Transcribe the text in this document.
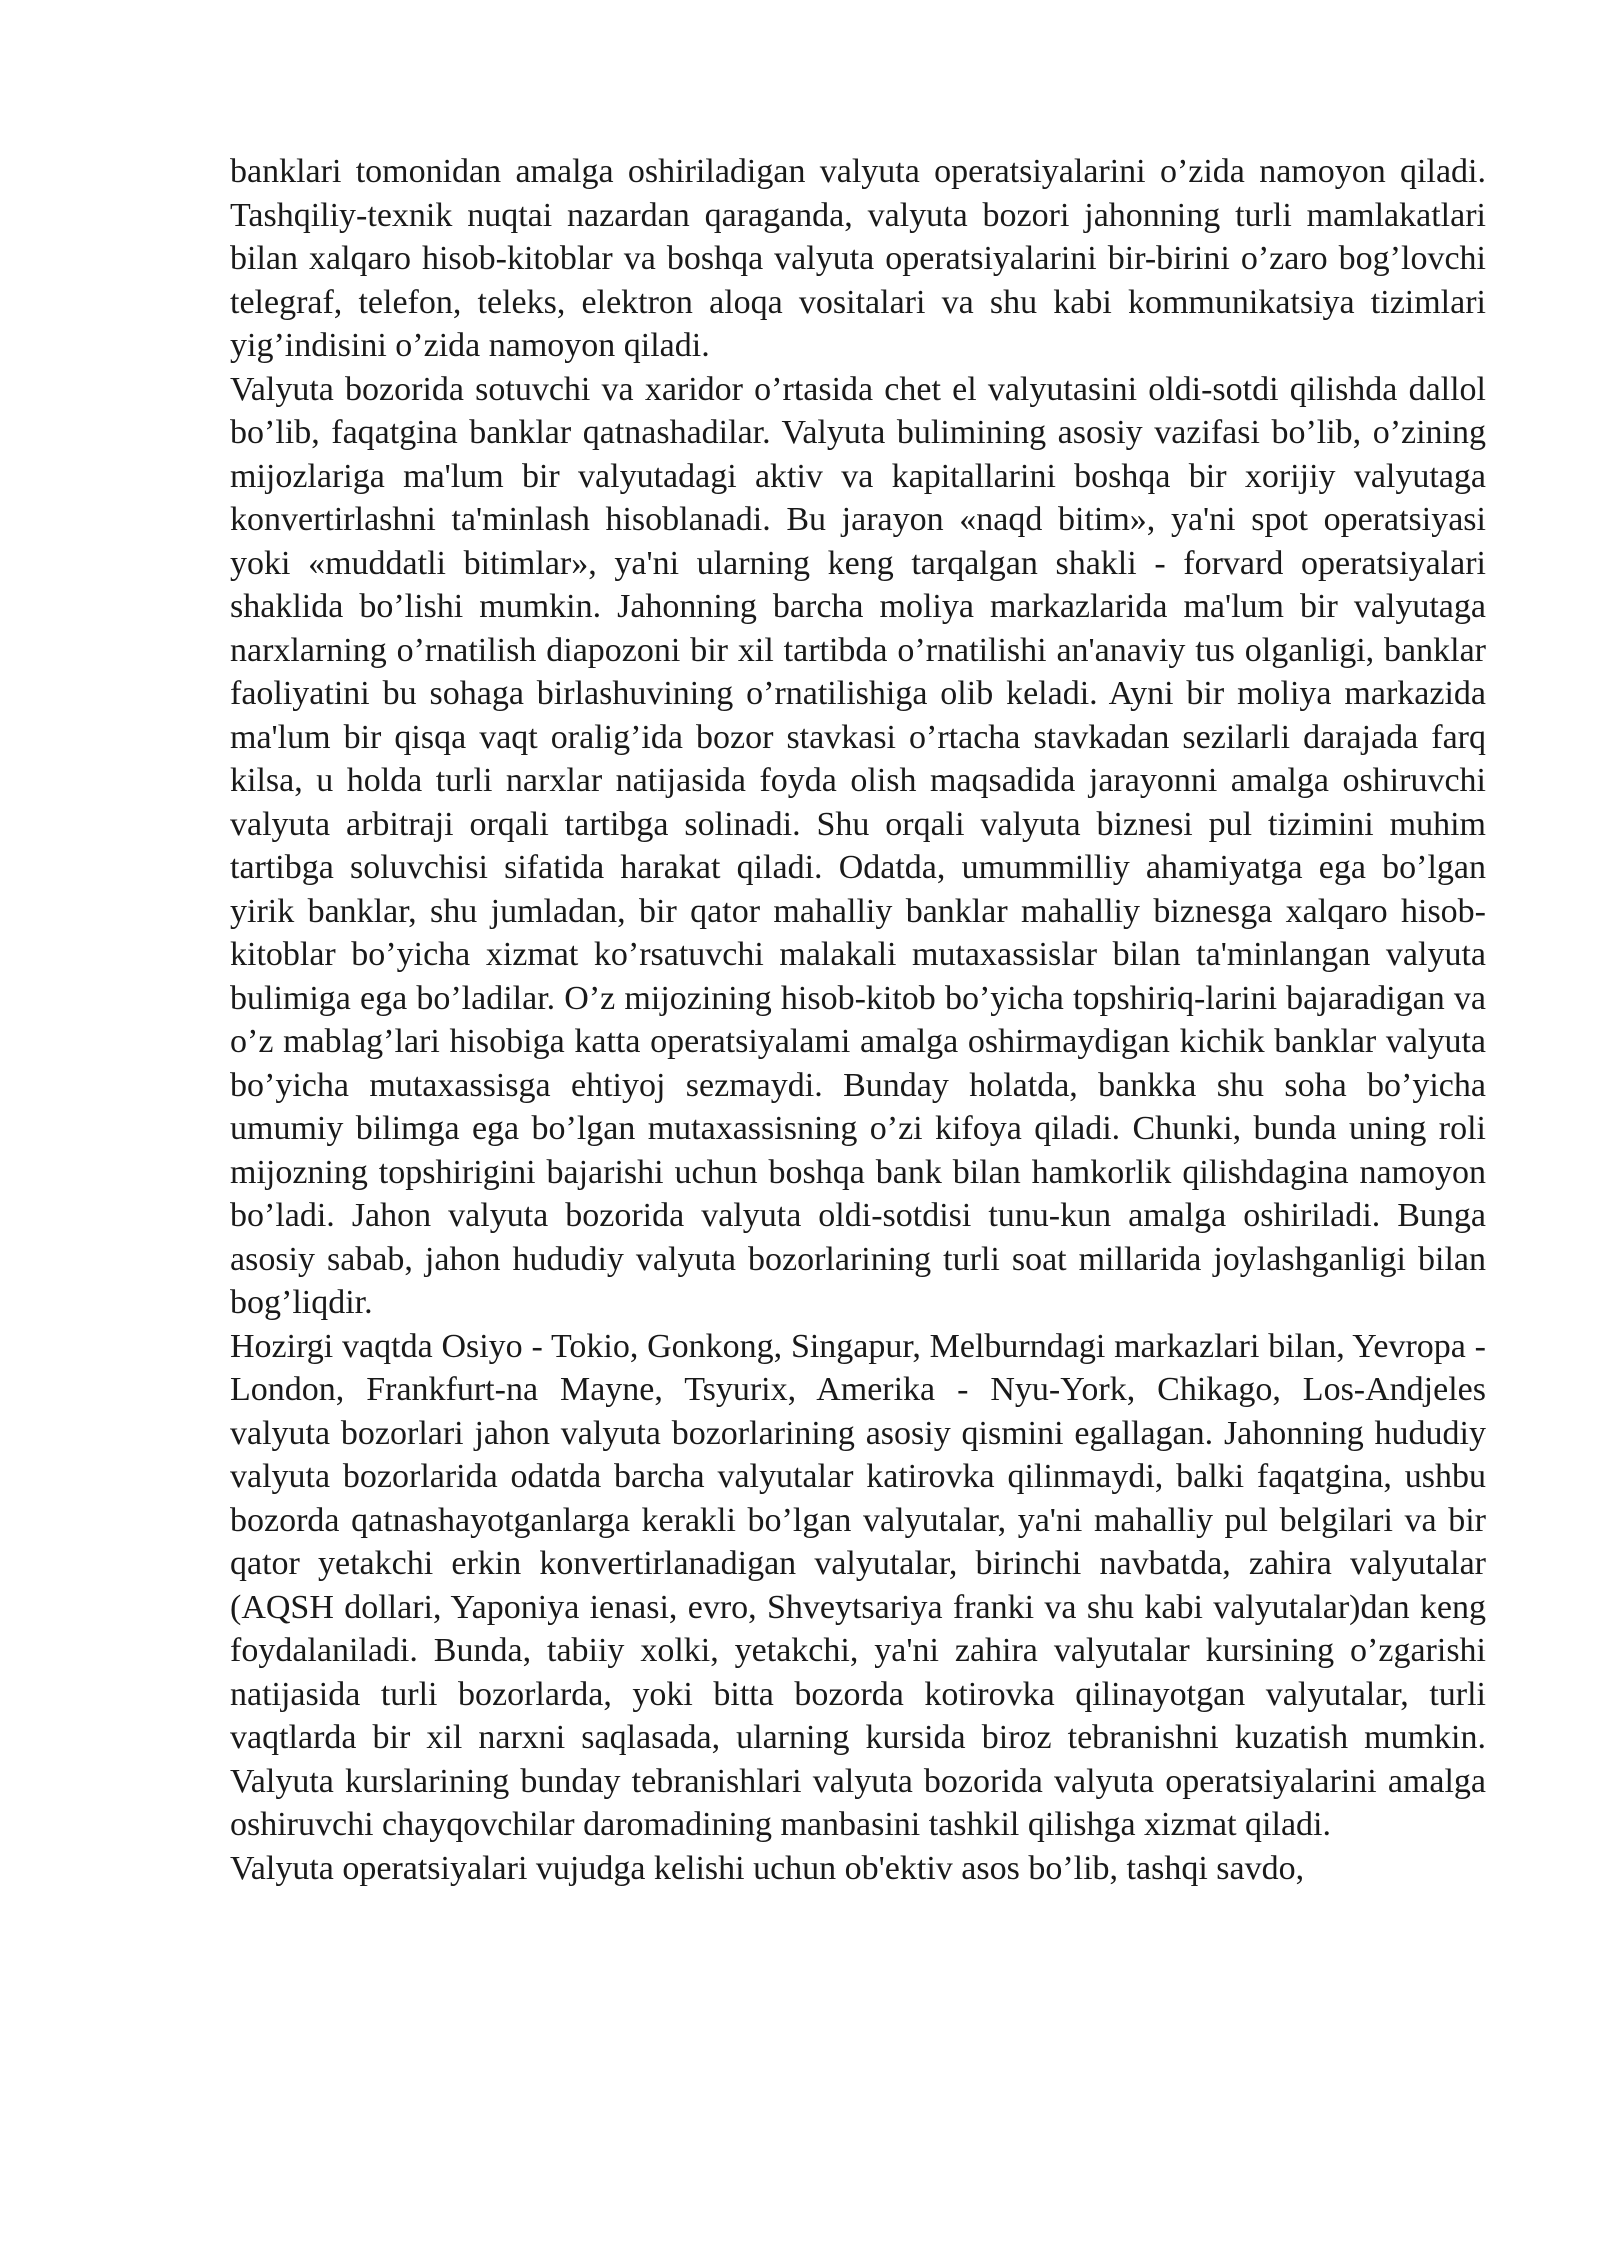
banklari tomonidan amalga oshiriladigan valyuta operatsiyalarini o’zida namoyon qiladi. Tashqiliy-texnik nuqtai nazardan qaraganda, valyuta bozori jahonning turli mamlakatlari bilan xalqaro hisob-kitoblar va boshqa valyuta operatsiyalarini bir-birini o’zaro bog’lovchi telegraf, telefon, teleks, elektron aloqa vositalari va shu kabi kommunikatsiya tizimlari yig’indisini o’zida namoyon qiladi.

Valyuta bozorida sotuvchi va xaridor o’rtasida chet el valyutasini oldi-sotdi qilishda dallol bo’lib, faqatgina banklar qatnashadilar. Valyuta bulimining asosiy vazifasi bo’lib, o’zining mijozlariga ma'lum bir valyutadagi aktiv va kapitallarini boshqa bir xorijiy valyutaga konvertirlashni ta'minlash hisoblanadi. Bu jarayon «naqd bitim», ya'ni spot operatsiyasi yoki «muddatli bitimlar», ya'ni ularning keng tarqalgan shakli - forvard operatsiyalari shaklida bo’lishi mumkin. Jahonning barcha moliya markazlarida ma'lum bir valyutaga narxlarning o’rnatilish diapozoni bir xil tartibda o’rnatilishi an'anaviy tus olganligi, banklar faoliyatini bu sohaga birlashuvining o’rnatilishiga olib keladi. Ayni bir moliya markazida ma'lum bir qisqa vaqt oralig’ida bozor stavkasi o’rtacha stavkadan sezilarli darajada farq kilsa, u holda turli narxlar natijasida foyda olish maqsadida jarayonni amalga oshiruvchi valyuta arbitraji orqali tartibga solinadi. Shu orqali valyuta biznesi pul tizimini muhim tartibga soluvchisi sifatida harakat qiladi. Odatda, umummilliy ahamiyatga ega bo’lgan yirik banklar, shu jumladan, bir qator mahalliy banklar mahalliy biznesga xalqaro hisob-kitoblar bo’yicha xizmat ko’rsatuvchi malakali mutaxassislar bilan ta'minlangan valyuta bulimiga ega bo’ladilar. O’z mijozining hisob-kitob bo’yicha topshiriq-larini bajaradigan va o’z mablag’lari hisobiga katta operatsiyalami amalga oshirmaydigan kichik banklar valyuta bo’yicha mutaxassisga ehtiyoj sezmaydi. Bunday holatda, bankka shu soha bo’yicha umumiy bilimga ega bo’lgan mutaxassisning o’zi kifoya qiladi. Chunki, bunda uning roli mijozning topshirigini bajarishi uchun boshqa bank bilan hamkorlik qilishdagina namoyon bo’ladi. Jahon valyuta bozorida valyuta oldi-sotdisi tunu-kun amalga oshiriladi. Bunga asosiy sabab, jahon hududiy valyuta bozorlarining turli soat millarida joylashganligi bilan bog’liqdir.

Hozirgi vaqtda Osiyo - Tokio, Gonkong, Singapur, Melburndagi markazlari bilan, Yevropa - London, Frankfurt-na Mayne, Tsyurix, Amerika - Nyu-York, Chikago, Los-Andjeles valyuta bozorlari jahon valyuta bozorlarining asosiy qismini egallagan. Jahonning hududiy valyuta bozorlarida odatda barcha valyutalar katirovka qilinmaydi, balki faqatgina, ushbu bozorda qatnashayotganlarga kerakli bo’lgan valyutalar, ya'ni mahalliy pul belgilari va bir qator yetakchi erkin konvertirlanadigan valyutalar, birinchi navbatda, zahira valyutalar (AQSH dollari, Yaponiya ienasi, evro, Shveytsariya franki va shu kabi valyutalar)dan keng foydalaniladi. Bunda, tabiiy xolki, yetakchi, ya'ni zahira valyutalar kursining o’zgarishi natijasida turli bozorlarda, yoki bitta bozorda kotirovka qilinayotgan valyutalar, turli vaqtlarda bir xil narxni saqlasada, ularning kursida biroz tebranishni kuzatish mumkin. Valyuta kurslarining bunday tebranishlari valyuta bozorida valyuta operatsiyalarini amalga oshiruvchi chayqovchilar daromadining manbasini tashkil qilishga xizmat qiladi.

Valyuta operatsiyalari vujudga kelishi uchun ob'ektiv asos bo’lib, tashqi savdo,
